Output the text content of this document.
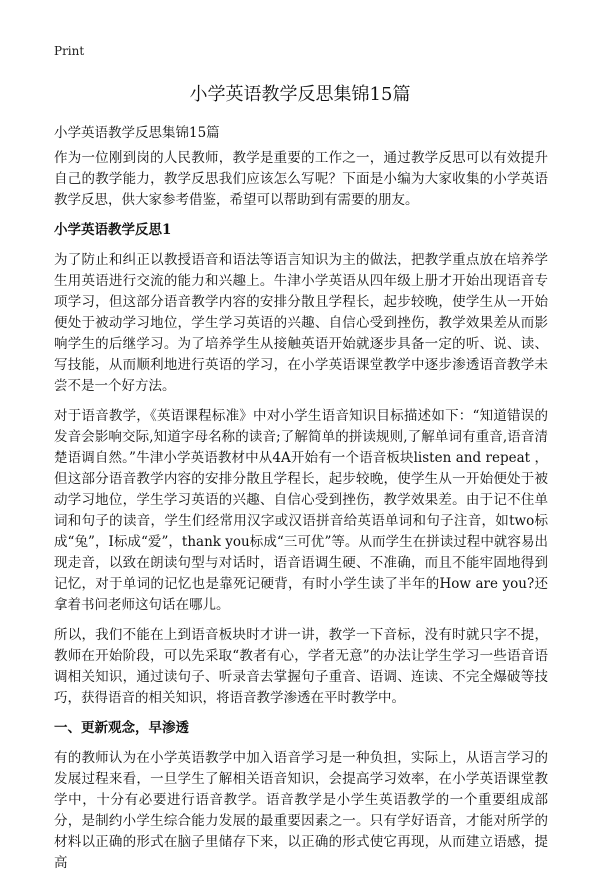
Print
小学英语教学反思集锦15篇

小学英语教学反思集锦15篇

作为一位刚到岗的人民教师，教学是重要的工作之一，通过教学反思可以有效提升自己的教学能力，教学反思我们应该怎么写呢？下面是小编为大家收集的小学英语教学反思，供大家参考借鉴，希望可以帮助到有需要的朋友。

小学英语教学反思1

为了防止和纠正以教授语音和语法等语言知识为主的做法，把教学重点放在培养学生用英语进行交流的能力和兴趣上。牛津小学英语从四年级上册才开始出现语音专项学习，但这部分语音教学内容的安排分散且学程长，起步较晚，使学生从一开始便处于被动学习地位，学生学习英语的兴趣、自信心受到挫伤，教学效果差从而影响学生的后继学习。为了培养学生从接触英语开始就逐步具备一定的听、说、读、写技能，从而顺利地进行英语的学习，在小学英语课堂教学中逐步渗透语音教学未尝不是一个好方法。

对于语音教学，《英语课程标准》中对小学生语音知识目标描述如下：“知道错误的发音会影响交际,知道字母名称的读音;了解简单的拼读规则,了解单词有重音,语音清楚语调自然。”牛津小学英语教材中从4A开始有一个语音板块listen and repeat ，但这部分语音教学内容的安排分散且学程长，起步较晚，使学生从一开始便处于被动学习地位，学生学习英语的兴趣、自信心受到挫伤，教学效果差。由于记不住单词和句子的读音，学生们经常用汉字或汉语拼音给英语单词和句子注音，如two标成“兔”，I标成“爱”，thank you标成“三可优”等。从而学生在拼读过程中就容易出现走音，以致在朗读句型与对话时，语音语调生硬、不准确，而且不能牢固地得到记忆，对于单词的记忆也是靠死记硬背，有时小学生读了半年的How are you?还拿着书问老师这句话在哪儿。

所以，我们不能在上到语音板块时才讲一讲，教学一下音标，没有时就只字不提，教师在开始阶段，可以先采取“教者有心，学者无意”的办法让学生学习一些语音语调相关知识，通过读句子、听录音去掌握句子重音、语调、连读、不完全爆破等技巧，获得语音的相关知识，将语音教学渗透在平时教学中。

一、更新观念，早渗透

有的教师认为在小学英语教学中加入语音学习是一种负担，实际上，从语言学习的发展过程来看，一旦学生了解相关语音知识，会提高学习效率，在小学英语课堂教学中，十分有必要进行语音教学。语音教学是小学生英语教学的一个重要组成部分，是制约小学生综合能力发展的最重要因素之一。只有学好语音，才能对所学的材料以正确的形式在脑子里储存下来，以正确的形式使它再现，从而建立语感，提高
